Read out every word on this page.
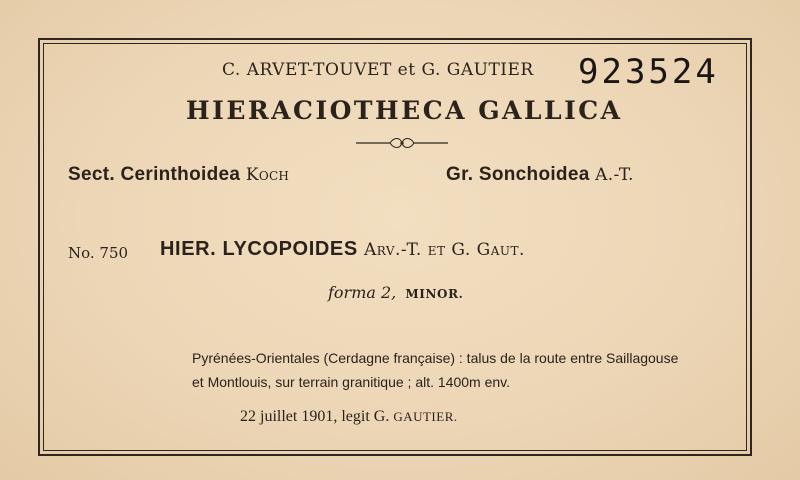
C. ARVET-TOUVET et G. GAUTIER 923524
HIERACIOTHECA GALLICA
Sect. Cerinthoidea Koch	Gr. Sonchoidea A.-T.
No. 750 HIER. LYCOPOIDES Arv.-T. et G. Gaut.
forma 2, MINOR.
Pyrénées-Orientales (Cerdagne française) : talus de la route entre Saillagouse
et Montlouis, sur terrain granitique ; alt. 1400m env.
22 juillet 1901, legit G. GAUTIER.
